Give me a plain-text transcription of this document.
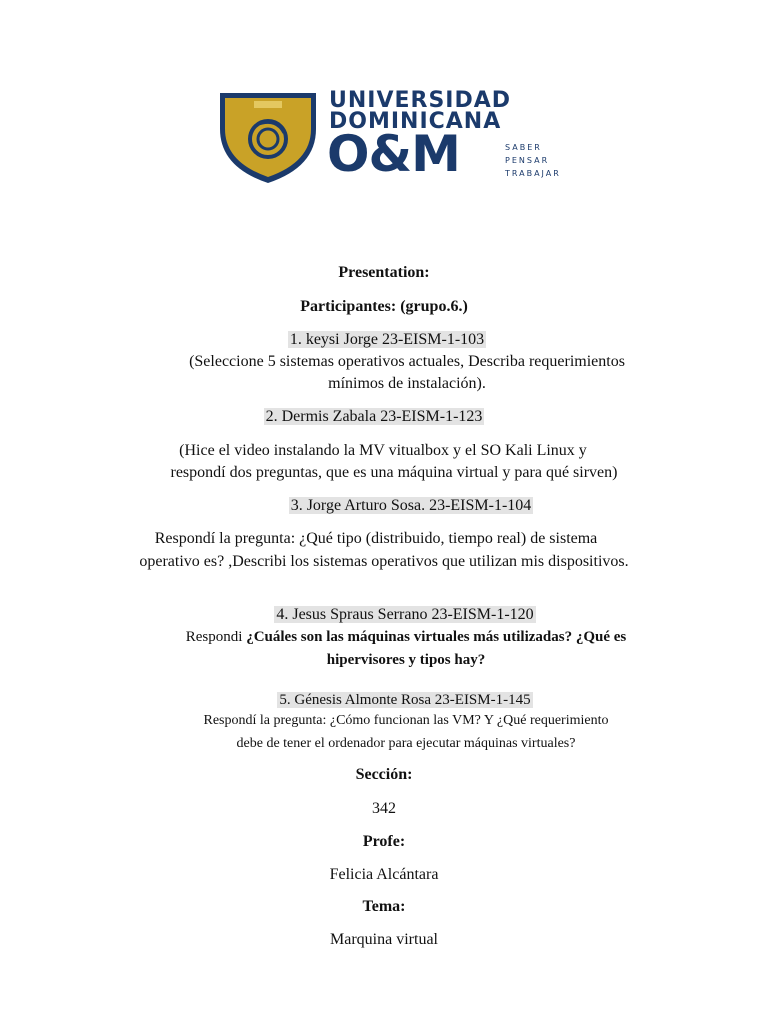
UNIVERSIDAD

DOMINICANA

O&M	SABER
PENSAR
TRABAJAR

Presentation:

Participantes: (grupo.6.)

1. keysi Jorge 23-EISM-1-103

(Seleccione 5 sistemas operativos actuales, Describa requerimientos

mínimos de instalación).

2. Dermis Zabala 23-EISM-1-123

(Hice el video instalando la MV vitualbox y el SO Kali Linux y

respondí dos preguntas, que es una máquina virtual y para qué sirven)

3. Jorge Arturo Sosa. 23-EISM-1-104

Respondí la pregunta: ¿Qué tipo (distribuido, tiempo real) de sistema

operativo es? ,Describi los sistemas operativos que utilizan mis dispositivos.

4. Jesus Spraus Serrano 23-EISM-1-120

Respondi ¿Cuáles son las máquinas virtuales más utilizadas? ¿Qué es

hipervisores y tipos hay?

5. Génesis Almonte Rosa 23-EISM-1-145

Respondí la pregunta: ¿Cómo funcionan las VM? Y ¿Qué requerimiento

debe de tener el ordenador para ejecutar máquinas virtuales?

Sección:

342

Profe:

Felicia Alcántara

Tema:

Marquina virtual
